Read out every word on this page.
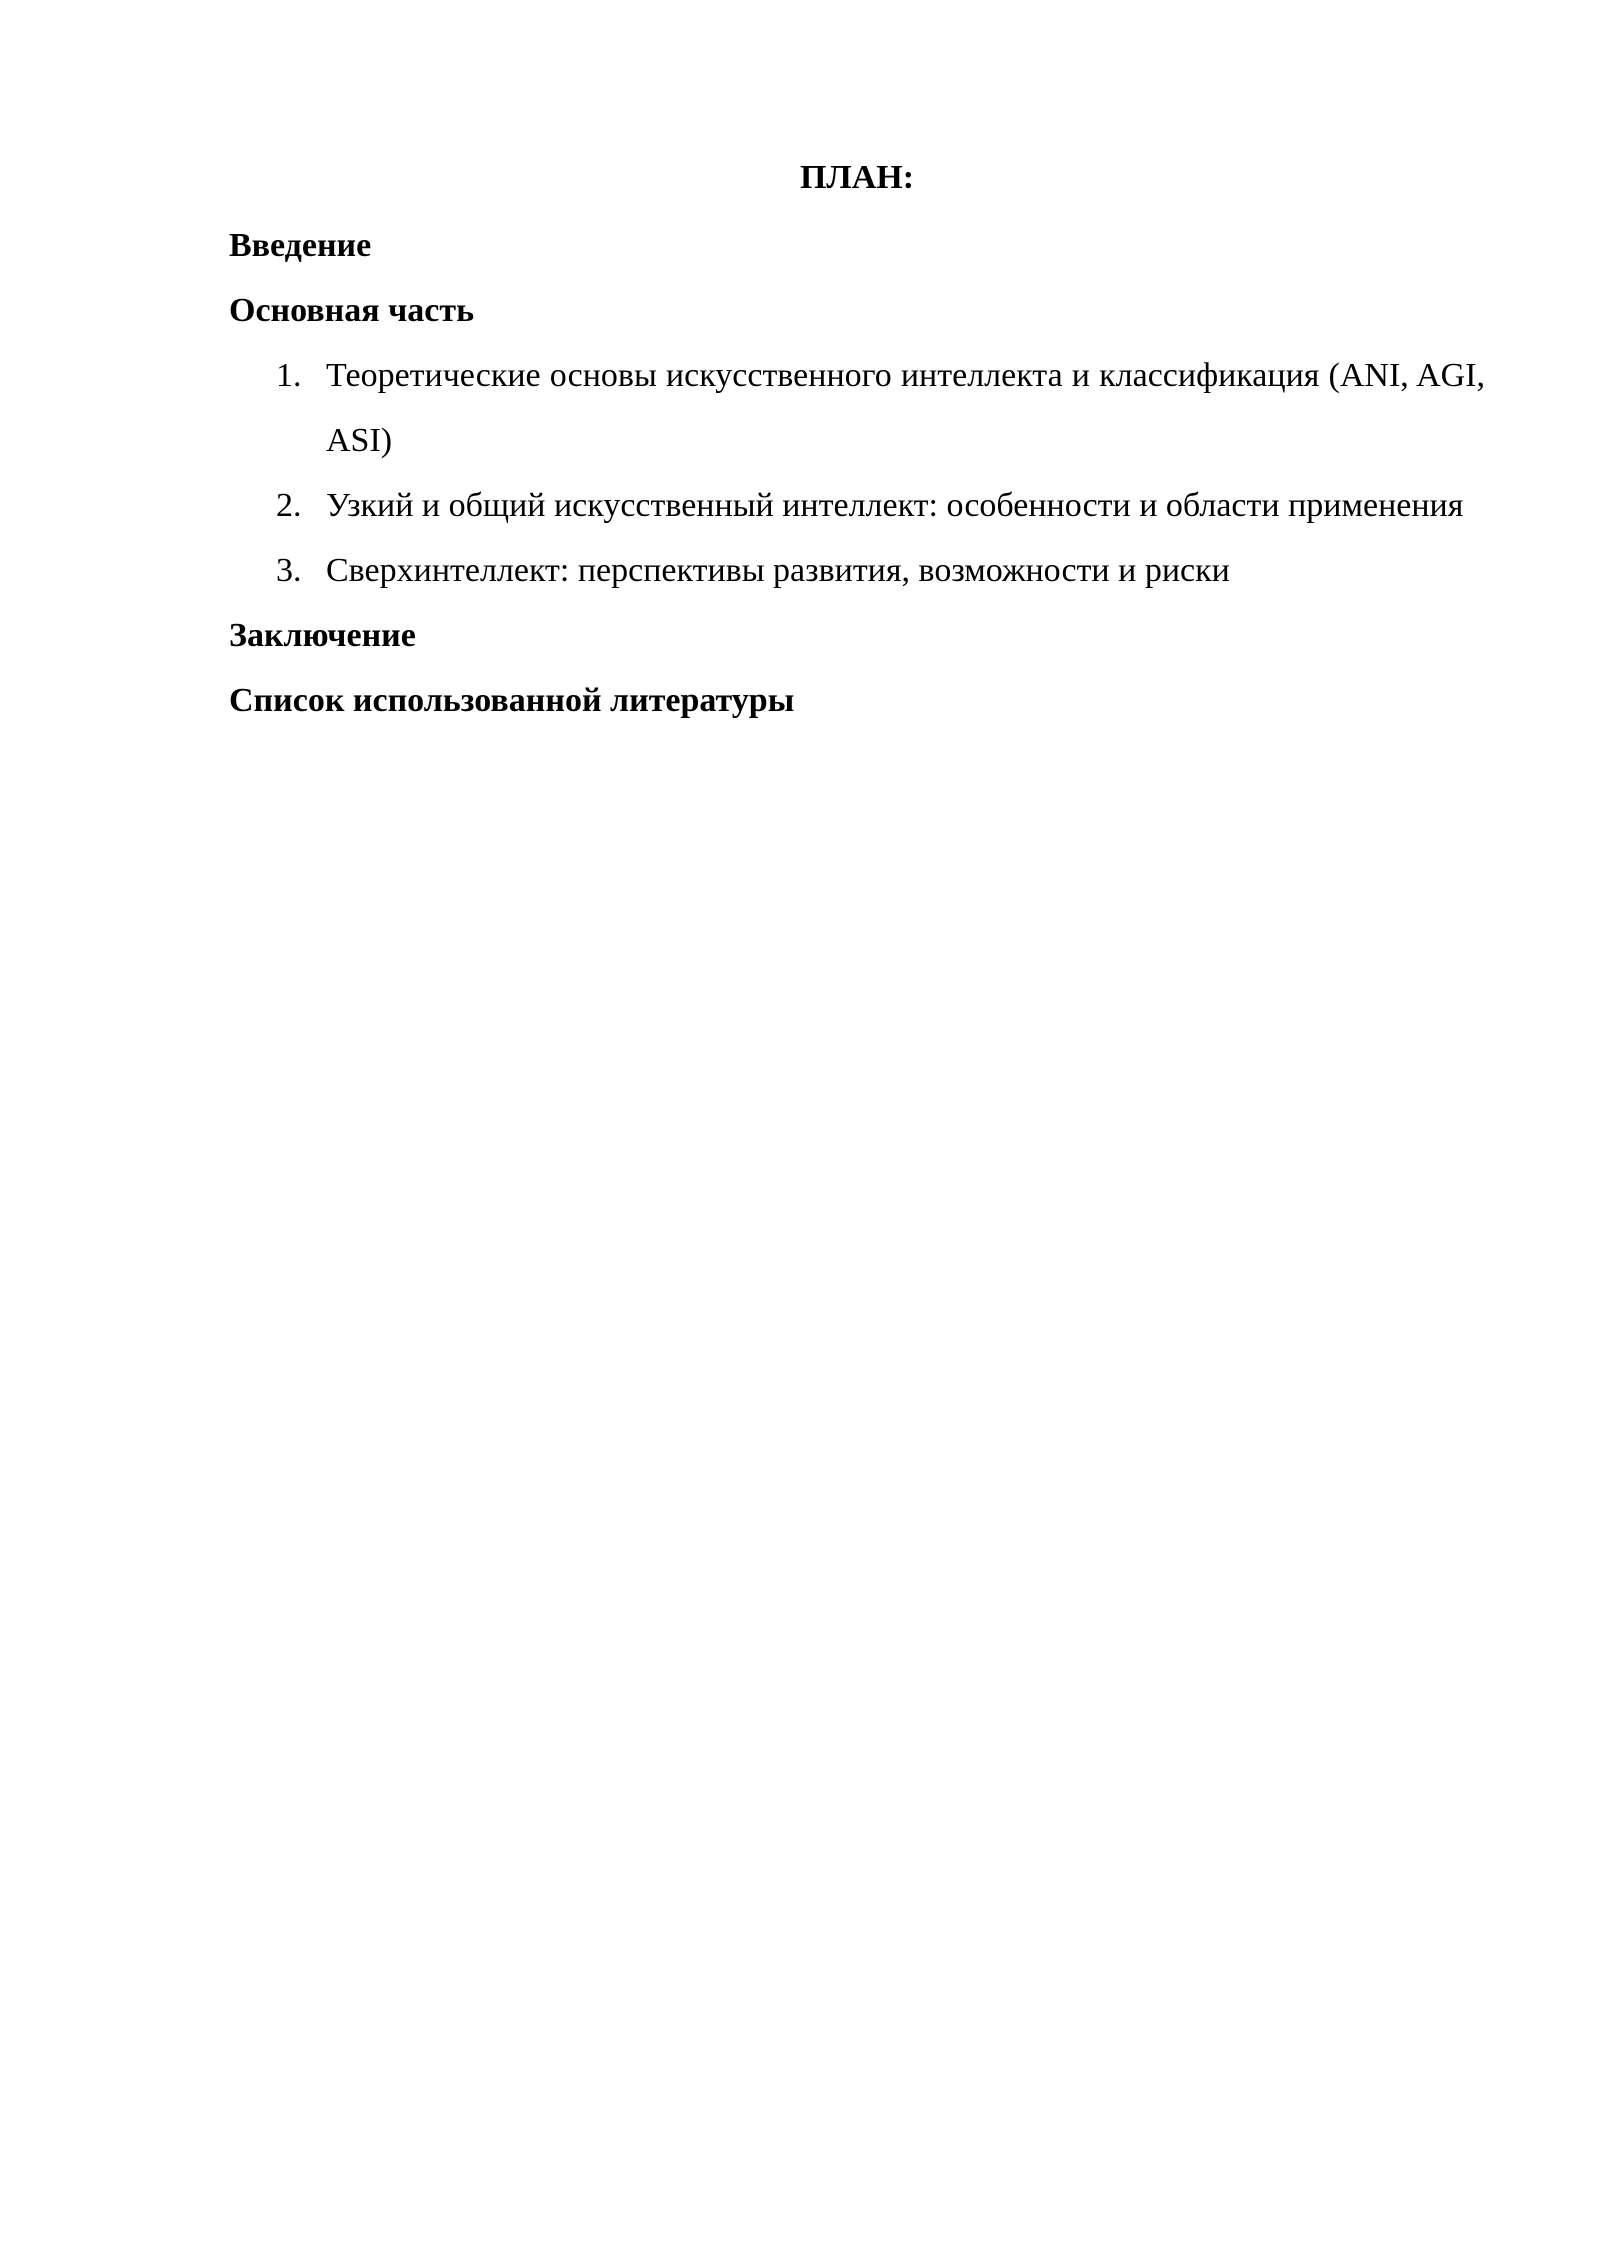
ПЛАН:
Введение
Основная часть
1. Теоретические основы искусственного интеллекта и классификация (ANI, AGI, ASI)
2. Узкий и общий искусственный интеллект: особенности и области применения
3. Сверхинтеллект: перспективы развития, возможности и риски
Заключение
Список использованной литературы
